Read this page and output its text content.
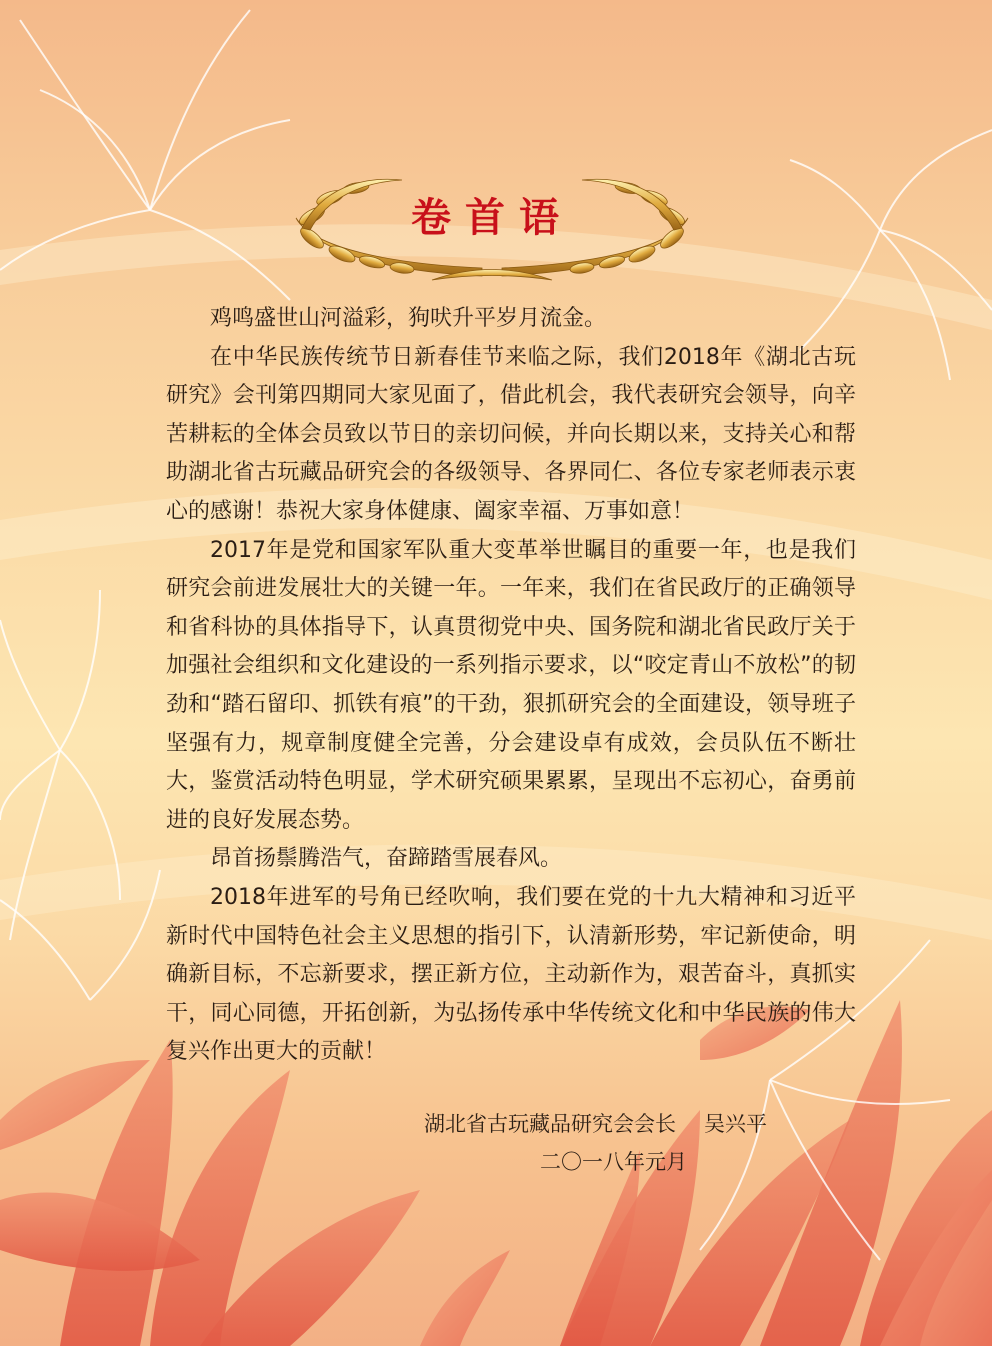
卷首语

鸡鸣盛世山河溢彩，狗吠升平岁月流金。

在中华民族传统节日新春佳节来临之际，我们2018年《湖北古玩研究》会刊第四期同大家见面了，借此机会，我代表研究会领导，向辛苦耕耘的全体会员致以节日的亲切问候，并向长期以来，支持关心和帮助湖北省古玩藏品研究会的各级领导、各界同仁、各位专家老师表示衷心的感谢！恭祝大家身体健康、阖家幸福、万事如意！

2017年是党和国家军队重大变革举世瞩目的重要一年，也是我们研究会前进发展壮大的关键一年。一年来，我们在省民政厅的正确领导和省科协的具体指导下，认真贯彻党中央、国务院和湖北省民政厅关于加强社会组织和文化建设的一系列指示要求，以“咬定青山不放松”的韧劲和“踏石留印、抓铁有痕”的干劲，狠抓研究会的全面建设，领导班子坚强有力，规章制度健全完善，分会建设卓有成效，会员队伍不断壮大，鉴赏活动特色明显，学术研究硕果累累，呈现出不忘初心，奋勇前进的良好发展态势。

昂首扬鬃腾浩气，奋蹄踏雪展春风。

2018年进军的号角已经吹响，我们要在党的十九大精神和习近平新时代中国特色社会主义思想的指引下，认清新形势，牢记新使命，明确新目标，不忘新要求，摆正新方位，主动新作为，艰苦奋斗，真抓实干，同心同德，开拓创新，为弘扬传承中华传统文化和中华民族的伟大复兴作出更大的贡献！

湖北省古玩藏品研究会会长 吴兴平
二〇一八年元月
